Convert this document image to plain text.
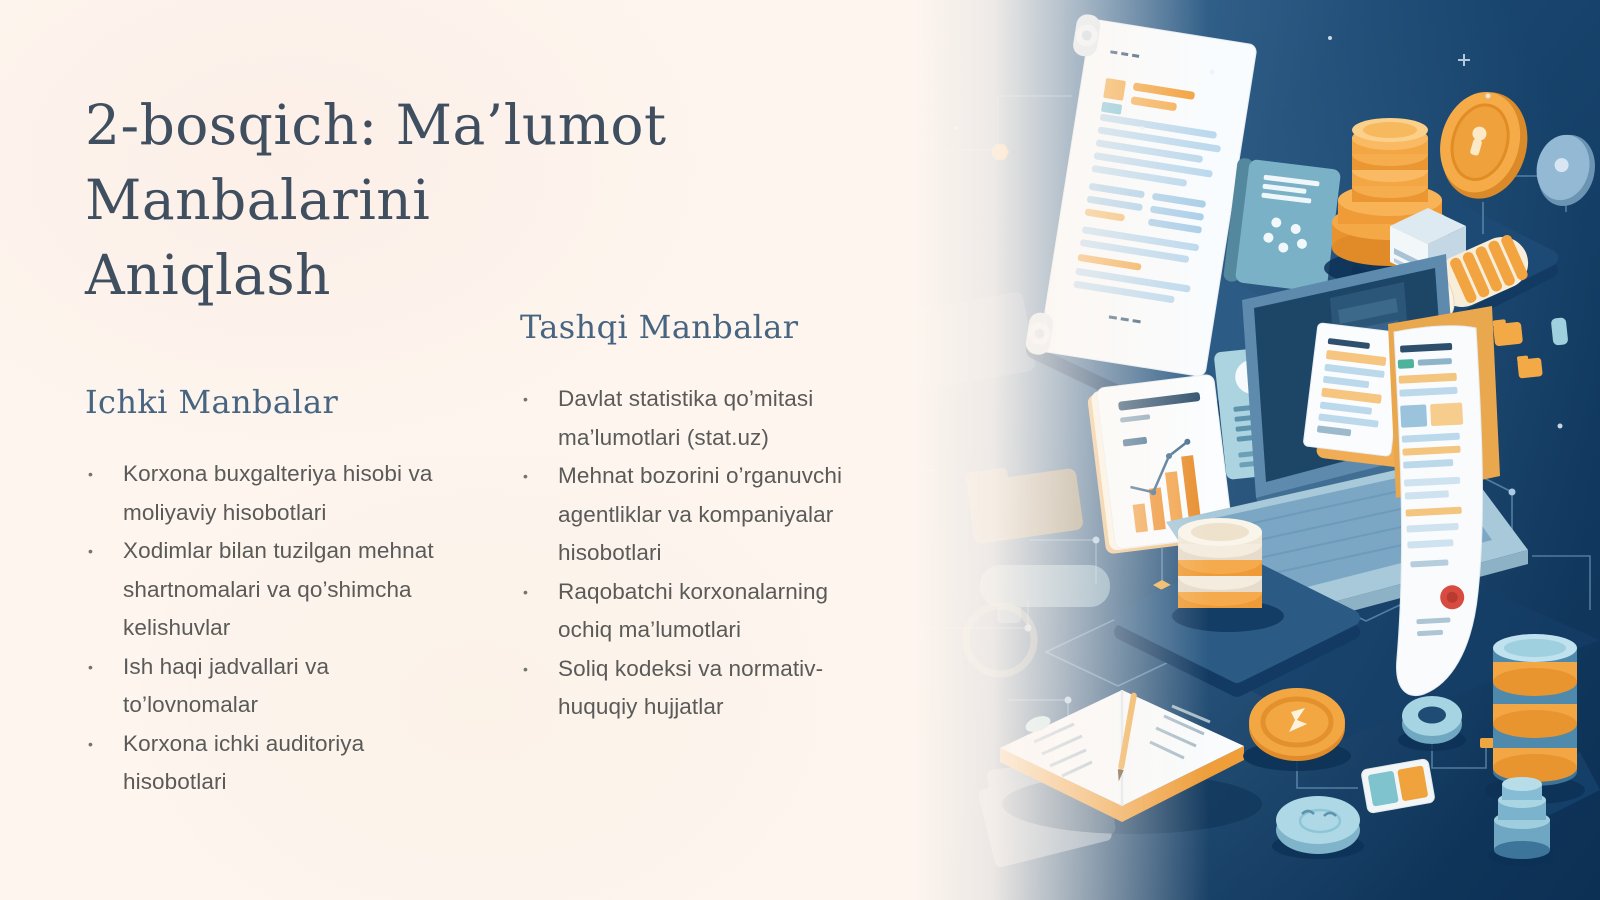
2-bosqich: Ma’lumot
Manbalarini
Aniqlash
Ichki Manbalar
• Korxona buxgalteriya hisobi va moliyaviy hisobotlari
• Xodimlar bilan tuzilgan mehnat shartnomalari va qo’shimcha kelishuvlar
• Ish haqi jadvallari va to’lovnomalar
• Korxona ichki auditoriya hisobotlari
Tashqi Manbalar
• Davlat statistika qo’mitasi ma’lumotlari (stat.uz)
• Mehnat bozorini o’rganuvchi agentliklar va kompaniyalar hisobotlari
• Raqobatchi korxonalarning ochiq ma’lumotlari
• Soliq kodeksi va normativ-huquqiy hujjatlar
